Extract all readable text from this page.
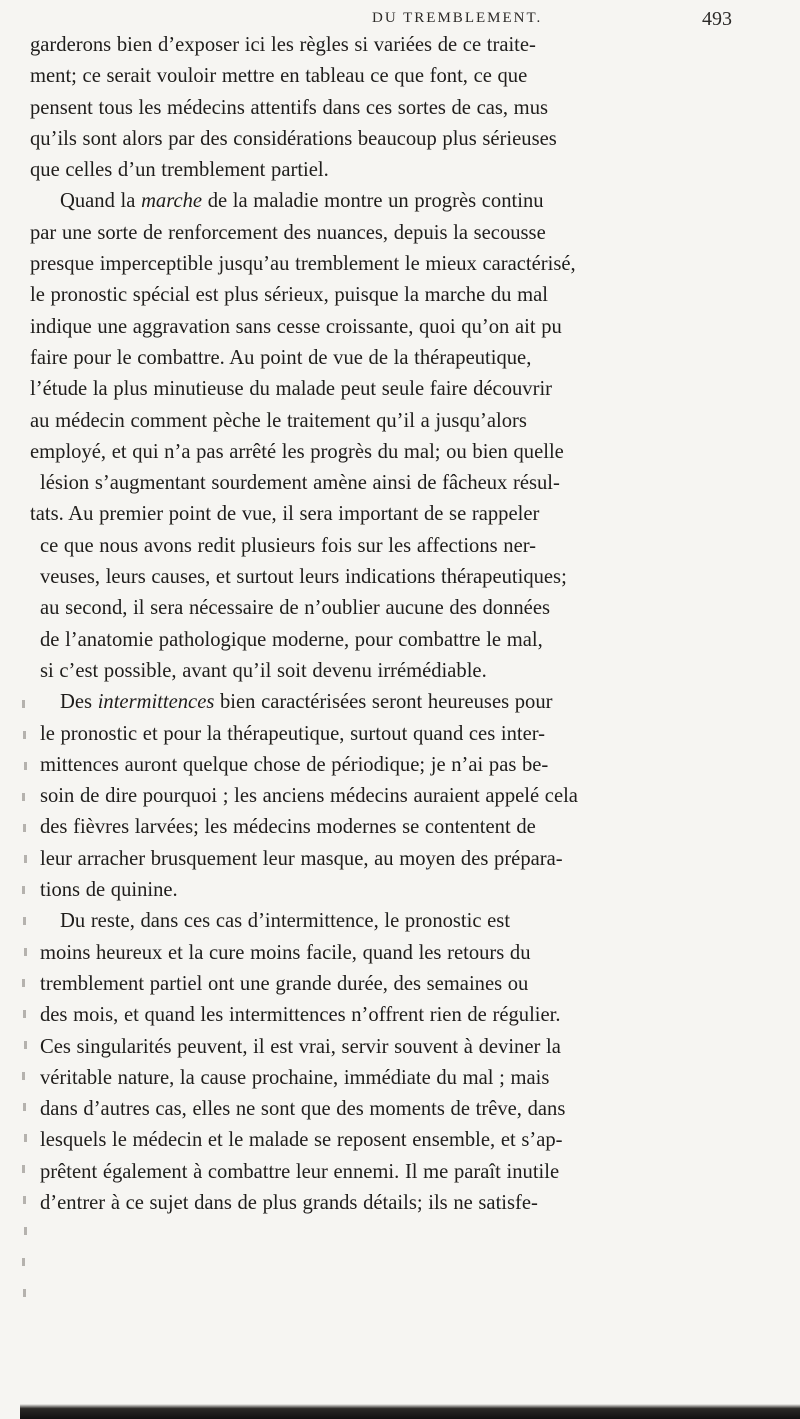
DU TREMBLEMENT.	493
garderons bien d’exposer ici les règles si variées de ce traite-
ment; ce serait vouloir mettre en tableau ce que font, ce que
pensent tous les médecins attentifs dans ces sortes de cas, mus
qu’ils sont alors par des considérations beaucoup plus sérieuses
que celles d’un tremblement partiel.
Quand la marche de la maladie montre un progrès continu
par une sorte de renforcement des nuances, depuis la secousse
presque imperceptible jusqu’au tremblement le mieux caractérisé,
le pronostic spécial est plus sérieux, puisque la marche du mal
indique une aggravation sans cesse croissante, quoi qu’on ait pu
faire pour le combattre. Au point de vue de la thérapeutique,
l’étude la plus minutieuse du malade peut seule faire découvrir
au médecin comment pèche le traitement qu’il a jusqu’alors
employé, et qui n’a pas arrêté les progrès du mal; ou bien quelle
lésion s’augmentant sourdement amène ainsi de fâcheux résul-
tats. Au premier point de vue, il sera important de se rappeler
ce que nous avons redit plusieurs fois sur les affections ner-
veuses, leurs causes, et surtout leurs indications thérapeutiques;
au second, il sera nécessaire de n’oublier aucune des données
de l’anatomie pathologique moderne, pour combattre le mal,
si c’est possible, avant qu’il soit devenu irrémédiable.
Des intermittences bien caractérisées seront heureuses pour
le pronostic et pour la thérapeutique, surtout quand ces inter-
mittences auront quelque chose de périodique; je n’ai pas be-
soin de dire pourquoi ; les anciens médecins auraient appelé cela
des fièvres larvées; les médecins modernes se contentent de
leur arracher brusquement leur masque, au moyen des prépara-
tions de quinine.
Du reste, dans ces cas d’intermittence, le pronostic est
moins heureux et la cure moins facile, quand les retours du
tremblement partiel ont une grande durée, des semaines ou
des mois, et quand les intermittences n’offrent rien de régulier.
Ces singularités peuvent, il est vrai, servir souvent à deviner la
véritable nature, la cause prochaine, immédiate du mal ; mais
dans d’autres cas, elles ne sont que des moments de trêve, dans
lesquels le médecin et le malade se reposent ensemble, et s’ap-
prêtent également à combattre leur ennemi. Il me paraît inutile
d’entrer à ce sujet dans de plus grands détails; ils ne satisfe-
